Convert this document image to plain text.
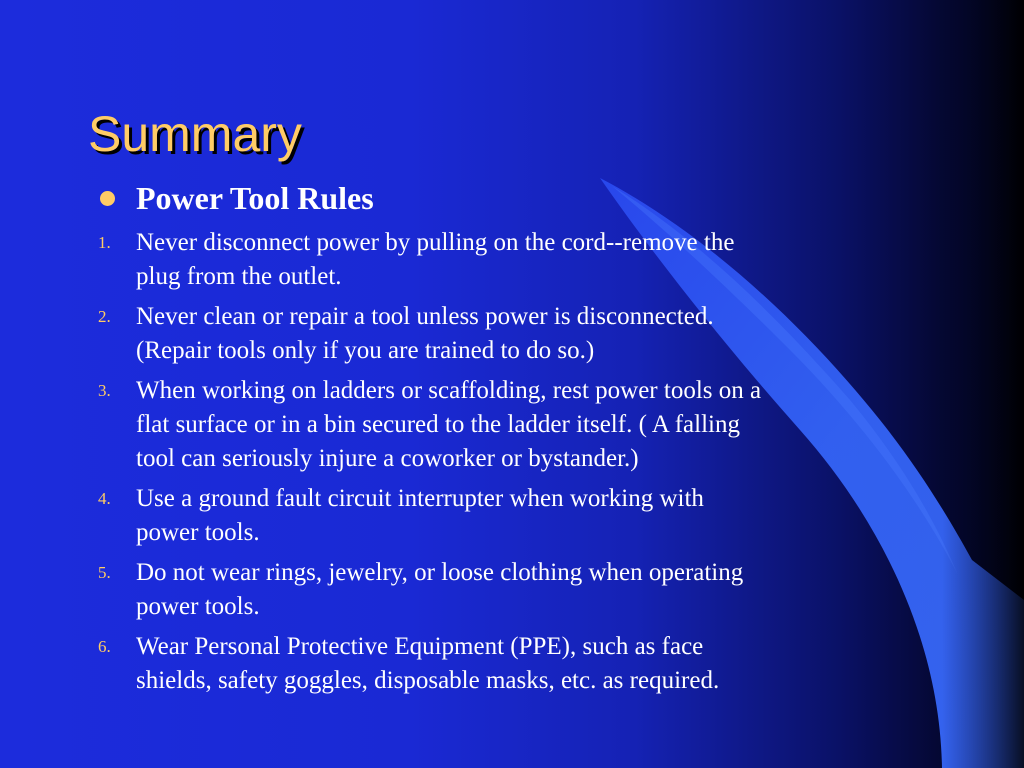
Summary
Power Tool Rules
1. Never disconnect power by pulling on the cord--remove the
plug from the outlet.
2. Never clean or repair a tool unless power is disconnected.
(Repair tools only if you are trained to do so.)
3. When working on ladders or scaffolding, rest power tools on a
flat surface or in a bin secured to the ladder itself. ( A falling
tool can seriously injure a coworker or bystander.)
4. Use a ground fault circuit interrupter when working with
power tools.
5. Do not wear rings, jewelry, or loose clothing when operating
power tools.
6. Wear Personal Protective Equipment (PPE), such as face
shields, safety goggles, disposable masks, etc. as required.
